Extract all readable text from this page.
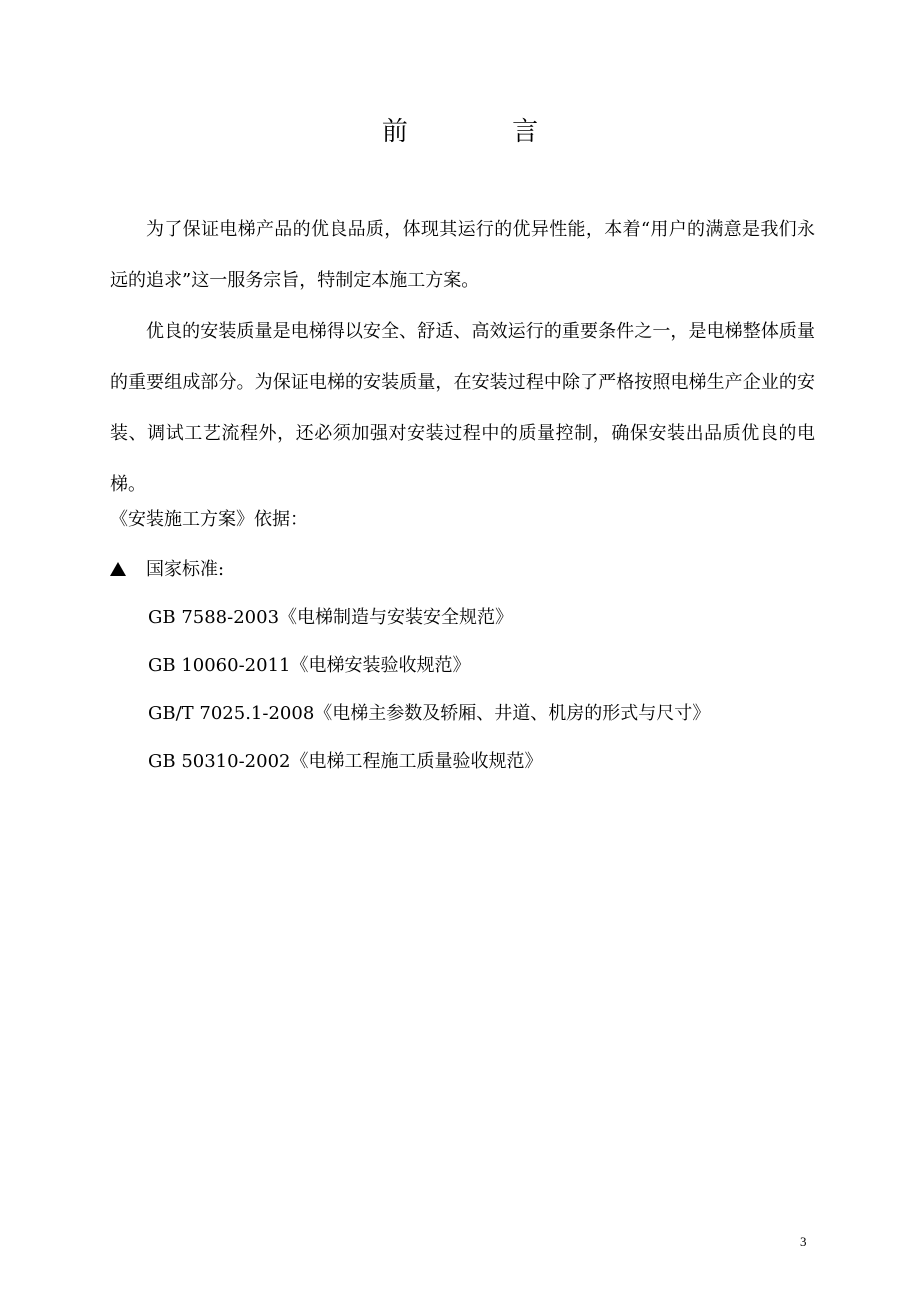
前 言

为了保证电梯产品的优良品质，体现其运行的优异性能，本着“用户的满意是我们永远的追求”这一服务宗旨，特制定本施工方案。

优良的安装质量是电梯得以安全、舒适、高效运行的重要条件之一，是电梯整体质量的重要组成部分。为保证电梯的安装质量，在安装过程中除了严格按照电梯生产企业的安装、调试工艺流程外，还必须加强对安装过程中的质量控制，确保安装出品质优良的电梯。

《安装施工方案》依据：
国家标准:
GB 7588-2003《电梯制造与安装安全规范》
GB 10060-2011《电梯安装验收规范》
GB/T 7025.1-2008《电梯主参数及轿厢、井道、机房的形式与尺寸》
GB 50310-2002《电梯工程施工质量验收规范》
3
